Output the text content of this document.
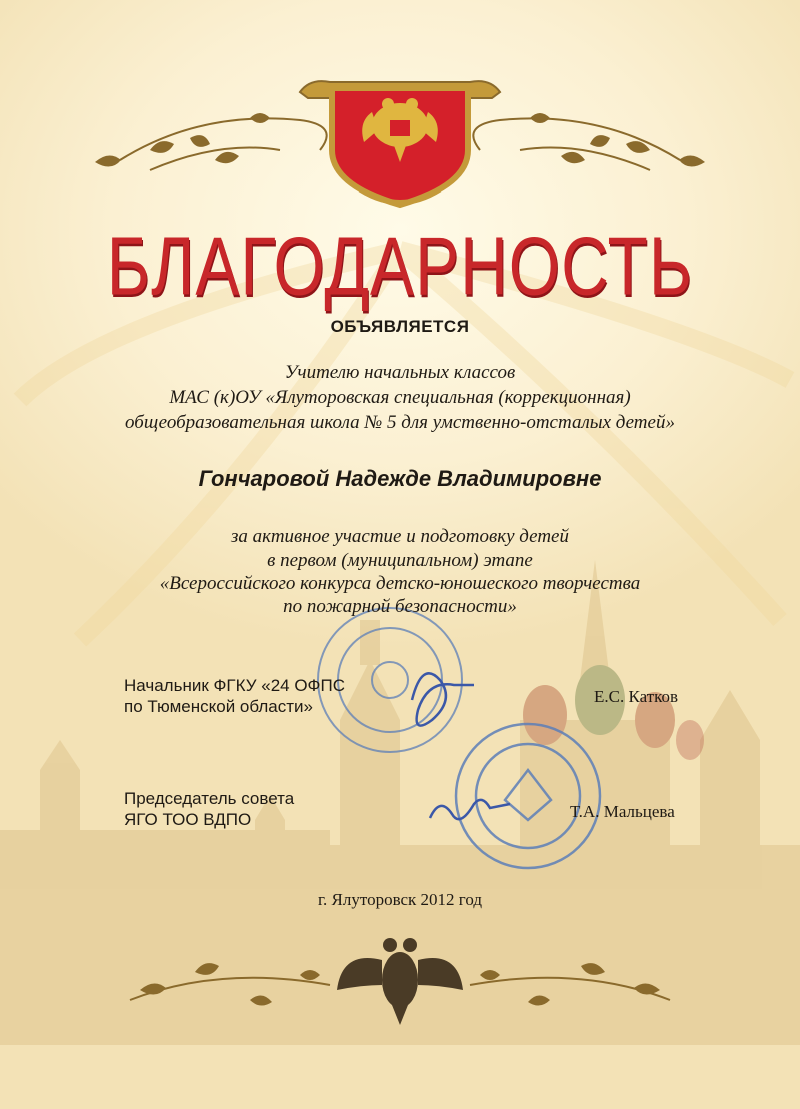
БЛАГОДАРНОСТЬ
ОБЪЯВЛЯЕТСЯ
Учителю начальных классов
МАС (к)ОУ «Ялуторовская специальная (коррекционная)
общеобразовательная школа № 5 для умственно-отсталых детей»
Гончаровой Надежде Владимировне
за активное участие и подготовку детей
в первом (муниципальном) этапе
«Всероссийского конкурса детско-юношеского творчества
по пожарной безопасности»
Начальник ФГКУ «24 ОФПС
по Тюменской области»
Е.С. Катков
Председатель совета
ЯГО ТОО ВДПО	Т.А. Мальцева
г. Ялуторовск 2012 год
